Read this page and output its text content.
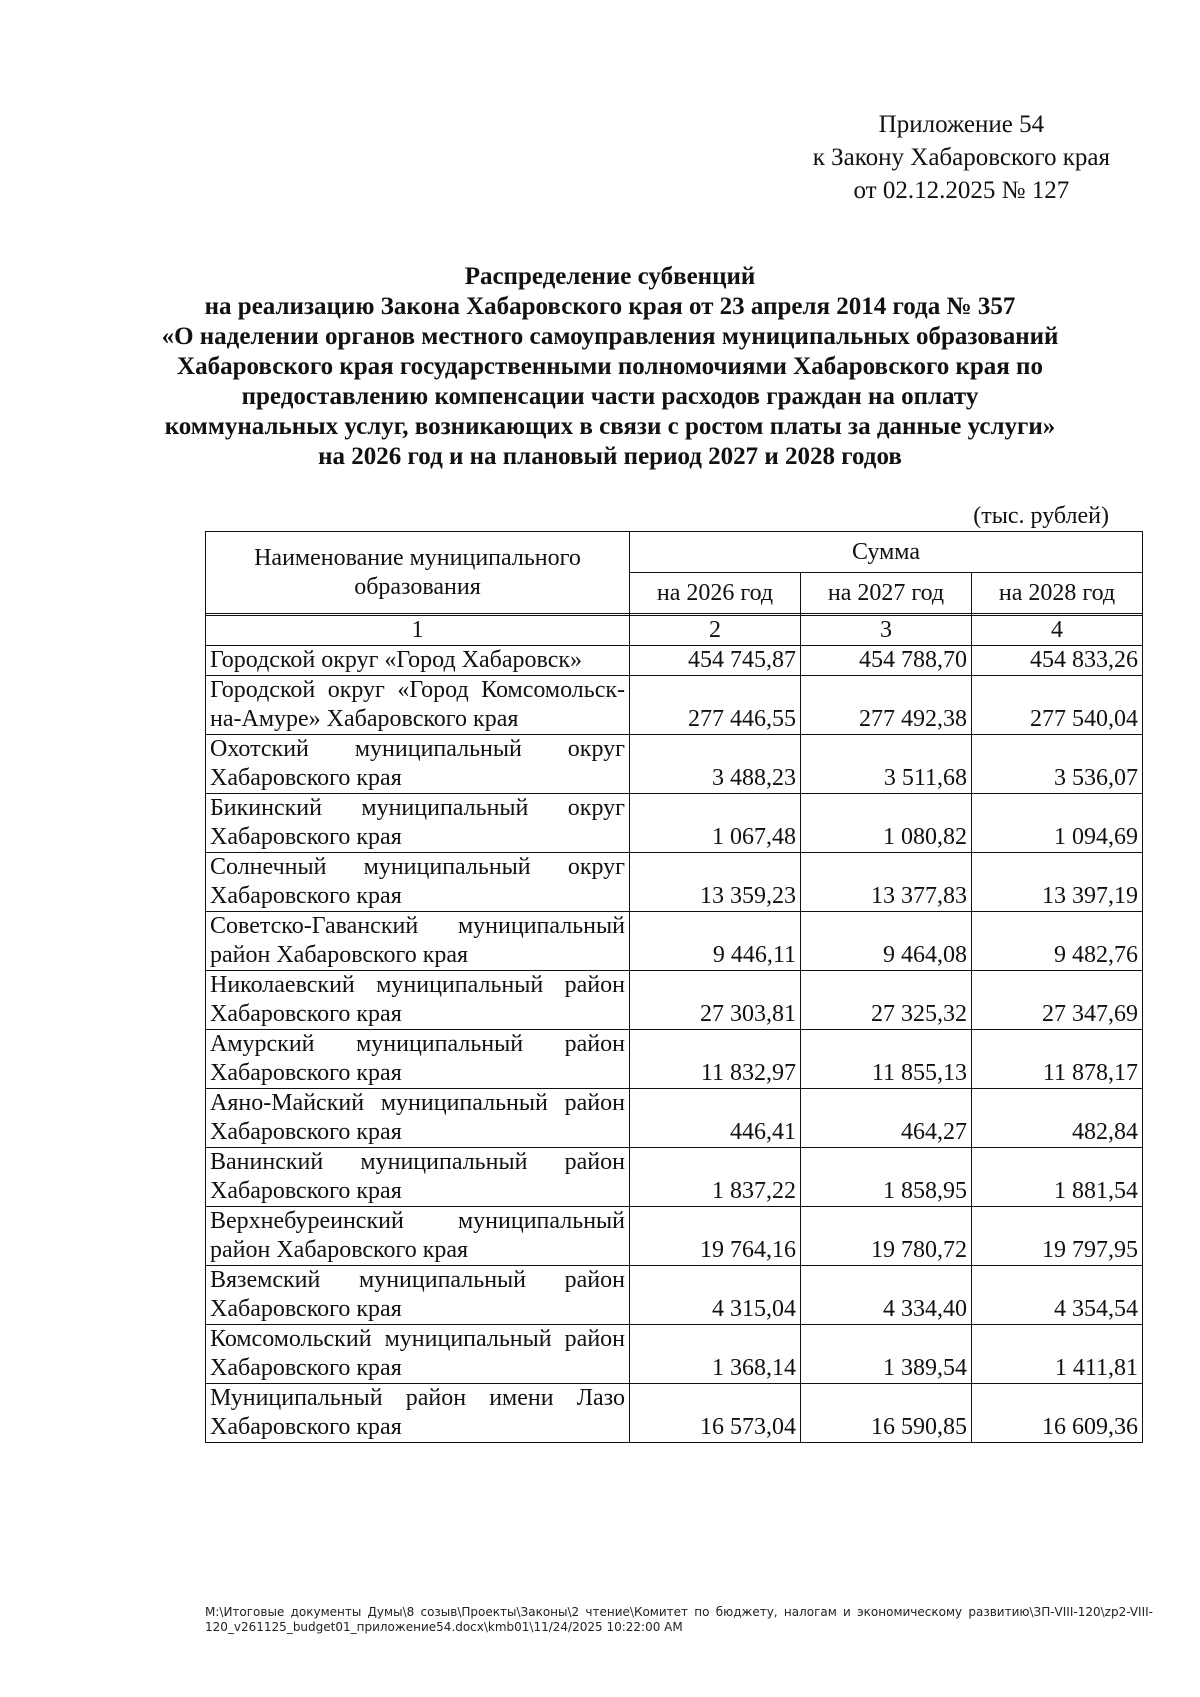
Приложение 54
к Закону Хабаровского края
от 02.12.2025 № 127
Распределение субвенций
на реализацию Закона Хабаровского края от 23 апреля 2014 года № 357
«О наделении органов местного самоуправления муниципальных образований
Хабаровского края государственными полномочиями Хабаровского края по
предоставлению компенсации части расходов граждан на оплату
коммунальных услуг, возникающих в связи с ростом платы за данные услуги»
на 2026 год и на плановый период 2027 и 2028 годов
(тыс. рублей)
Наименование муниципального образования	Сумма		
	на 2026 год	на 2027 год	на 2028 год

1	2	3	4
Городской округ «Город Хабаровск»	454 745,87	454 788,70	454 833,26
Городской округ «Город Комсомольск-на-Амуре» Хабаровского края	277 446,55	277 492,38	277 540,04
Охотский муниципальный округ Хабаровского края	3 488,23	3 511,68	3 536,07
Бикинский муниципальный округ Хабаровского края	1 067,48	1 080,82	1 094,69
Солнечный муниципальный округ Хабаровского края	13 359,23	13 377,83	13 397,19
Советско-Гаванский муниципальный район Хабаровского края	9 446,11	9 464,08	9 482,76
Николаевский муниципальный район Хабаровского края	27 303,81	27 325,32	27 347,69
Амурский муниципальный район Хабаровского края	11 832,97	11 855,13	11 878,17
Аяно-Майский муниципальный район Хабаровского края	446,41	464,27	482,84
Ванинский муниципальный район Хабаровского края	1 837,22	1 858,95	1 881,54
Верхнебуреинский муниципальный район Хабаровского края	19 764,16	19 780,72	19 797,95
Вяземский муниципальный район Хабаровского края	4 315,04	4 334,40	4 354,54
Комсомольский муниципальный район Хабаровского края	1 368,14	1 389,54	1 411,81
Муниципальный район имени Лазо Хабаровского края	16 573,04	16 590,85	16 609,36
M:\Итоговые документы Думы\8 созыв\Проекты\Законы\2 чтение\Комитет по бюджету, налогам и экономическому развитию\ЗП-VIII-120\zp2-VIII-120_v261125_budget01_приложение54.docx\kmb01\11/24/2025 10:22:00 AM
